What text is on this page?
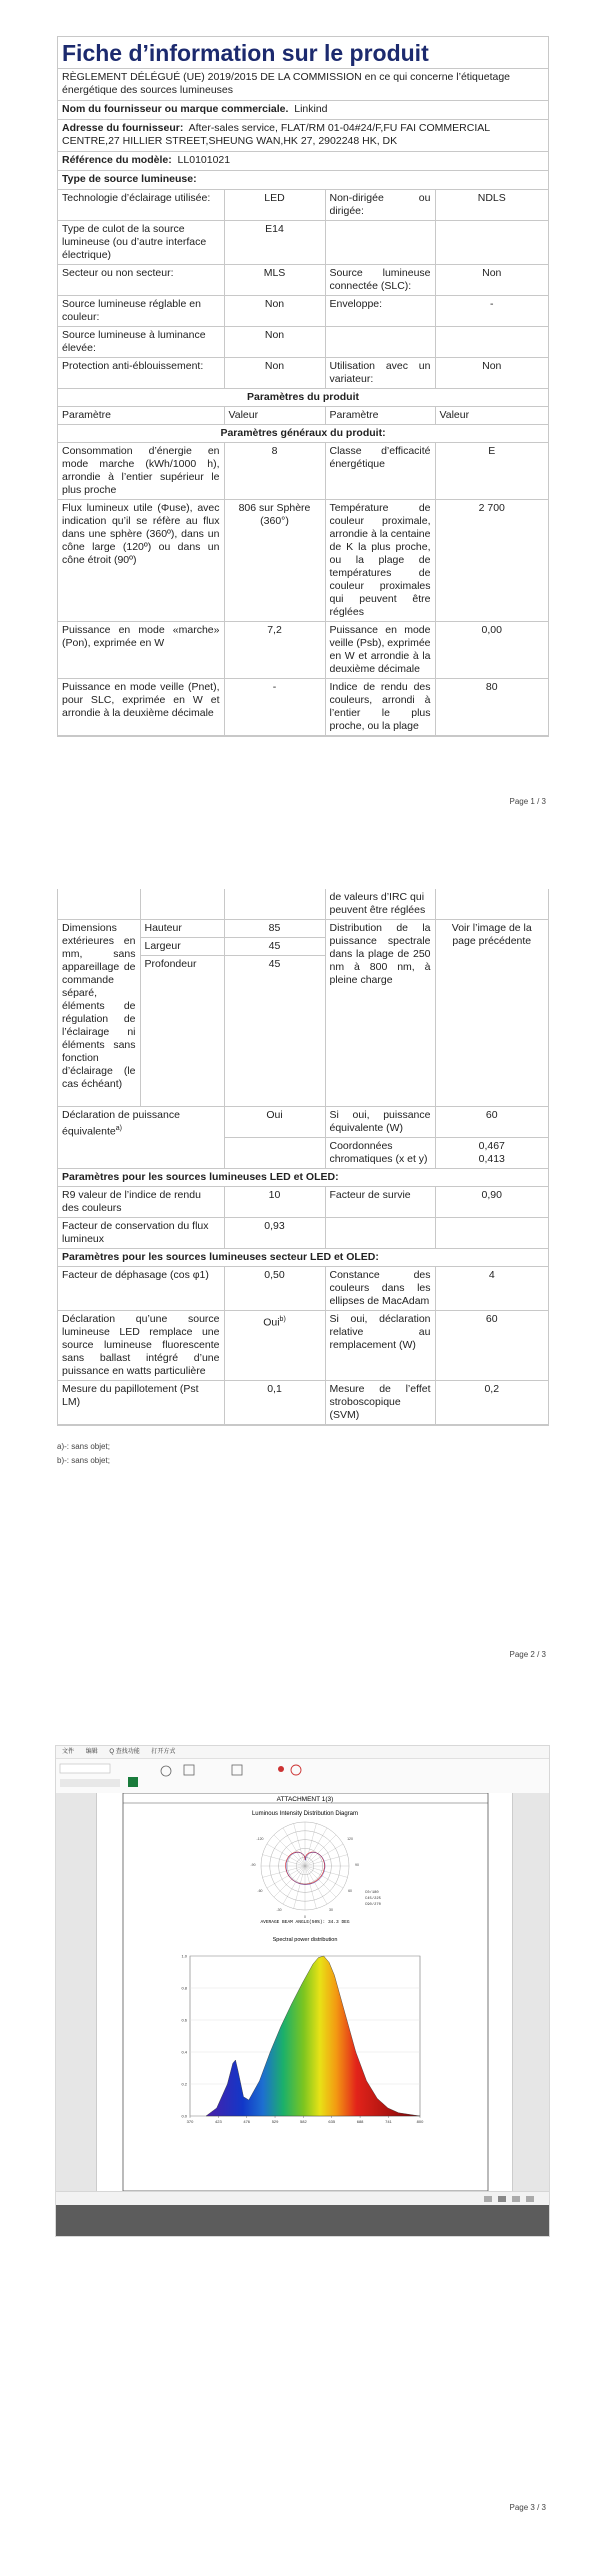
Fiche d’information sur le produit
RÈGLEMENT DÉLÉGUÉ (UE) 2019/2015 DE LA COMMISSION en ce qui concerne l’étiquetage énergétique des sources lumineuses
Nom du fournisseur ou marque commerciale. Linkind
Adresse du fournisseur: After-sales service, FLAT/RM 01-04#24/F,FU FAI COMMERCIAL CENTRE,27 HILLIER STREET,SHEUNG WAN,HK 27, 2902248 HK, DK
Référence du modèle: LL0101021
Type de source lumineuse:
Technologie d’éclairage utilisée:	LED	Non-dirigée ou dirigée:	NDLS
Type de culot de la source lumineuse (ou d’autre interface électrique)	E14		
Secteur ou non secteur:	MLS	Source lumineuse connectée (SLC):	Non
Source lumineuse réglable en couleur:	Non	Enveloppe:	-
Source lumineuse à luminance élevée:	Non		
Protection anti-éblouissement:	Non	Utilisation avec un variateur:	Non
Paramètres du produit			
Paramètre	Valeur	Paramètre	Valeur
Paramètres généraux du produit:			
Consommation d’énergie en mode marche (kWh/1000 h), arrondie à l’entier supérieur le plus proche	8	Classe d’efficacité énergétique	E
Flux lumineux utile (Φuse), avec indication qu’il se réfère au flux dans une sphère (360º), dans un cône large (120º) ou dans un cône étroit (90º)	806 sur Sphère (360°)	Température de couleur proximale, arrondie à la centaine de K la plus proche, ou la plage de températures de couleur proximales qui peuvent être réglées	2 700
Puissance en mode «marche» (Pon), exprimée en W	7,2	Puissance en mode veille (Psb), exprimée en W et arrondie à la deuxième décimale	0,00
Puissance en mode veille (Pnet), pour SLC, exprimée en W et arrondie à la deuxième décimale	-	Indice de rendu des couleurs, arrondi à l’entier le plus proche, ou la plage	80
Page 1 / 3
			de valeurs d’IRC qui peuvent être réglées	
Dimensions extérieures en mm, sans appareillage de commande séparé, éléments de régulation de l’éclairage ni éléments sans fonction d’éclairage (le cas échéant)	Hauteur	85	Distribution de la puissance spectrale dans la plage de 250 nm à 800 nm, à pleine charge	Voir l’image de la page précédente
	Largeur	45		
	Profondeur	45		
Déclaration de puissance équivalente$^{a)}$		Oui	Si oui, puissance équivalente (W)	60
			Coordonnées chromatiques (x et y)	0,467
0,413

Paramètres pour les sources lumineuses LED et OLED:				
R9 valeur de l’indice de rendu des couleurs		10	Facteur de survie	0,90
Facteur de conservation du flux lumineux		0,93		
Paramètres pour les sources lumineuses secteur LED et OLED:				
Facteur de déphasage (cos φ1)		0,50	Constance des couleurs dans les ellipses de MacAdam	4
Déclaration qu’une source lumineuse LED remplace une source lumineuse fluorescente sans ballast intégré d’une puissance en watts particulière		Oui$^{b)}$	Si oui, déclaration relative au remplacement (W)	60
Mesure du papillotement (Pst LM)		0,1	Mesure de l’effet stroboscopique (SVM)	0,2
a)-: sans objet;
b)-: sans objet;
Page 2 / 3
文件 编辑 Q 查找功能 打开方式
ATTACHMENT 1(3)
Luminous Intensity Distribution Diagram
-120
-90
-60
-30
0
30
60
90
120
AVERAGE BEAM ANGLE(50%): 34.3 DEG
C0/180
C45/225
C90/270
Spectral power distribution
0.0
0.2
0.4
0.6
0.8
1.0
370	423	476	529	582	635	688	741	800
Page 3 / 3
